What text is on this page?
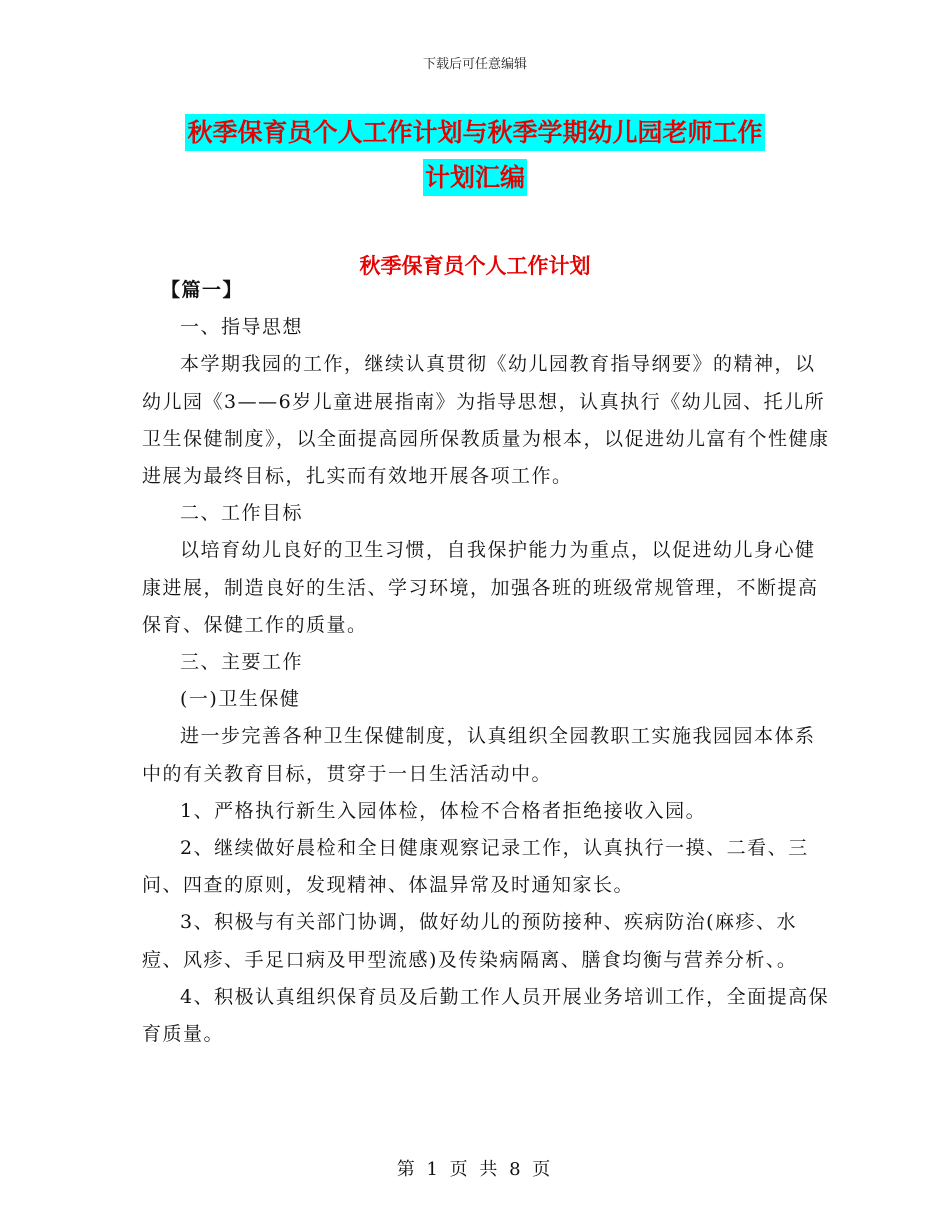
下载后可任意编辑
秋季保育员个人工作计划与秋季学期幼儿园老师工作
计划汇编
秋季保育员个人工作计划

【篇一】

一、指导思想

本学期我园的工作，继续认真贯彻《幼儿园教育指导纲要》的精神，以幼儿园《3——6岁儿童进展指南》为指导思想，认真执行《幼儿园、托儿所卫生保健制度》，以全面提高园所保教质量为根本，以促进幼儿富有个性健康进展为最终目标，扎实而有效地开展各项工作。

二、工作目标

以培育幼儿良好的卫生习惯，自我保护能力为重点，以促进幼儿身心健康进展，制造良好的生活、学习环境，加强各班的班级常规管理，不断提高保育、保健工作的质量。

三、主要工作

(一)卫生保健

进一步完善各种卫生保健制度，认真组织全园教职工实施我园园本体系中的有关教育目标，贯穿于一日生活活动中。

1、严格执行新生入园体检，体检不合格者拒绝接收入园。

2、继续做好晨检和全日健康观察记录工作，认真执行一摸、二看、三问、四查的原则，发现精神、体温异常及时通知家长。

3、积极与有关部门协调，做好幼儿的预防接种、疾病防治(麻疹、水痘、风疹、手足口病及甲型流感)及传染病隔离、膳食均衡与营养分析、。

4、积极认真组织保育员及后勤工作人员开展业务培训工作，全面提高保育质量。

第 1 页 共 8 页
